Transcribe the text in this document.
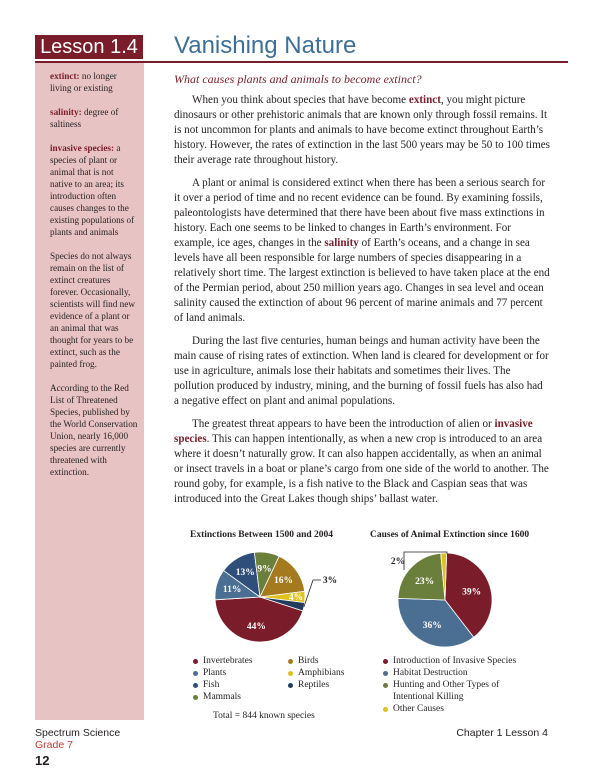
Lesson 1.4 Vanishing Nature

extinct: no longer living or existing

salinity: degree of saltiness

invasive species: a species of plant or animal that is not native to an area; its introduction often causes changes to the existing populations of plants and animals

Species do not always remain on the list of extinct creatures forever. Occasionally, scientists will find new evidence of a plant or an animal that was thought for years to be extinct, such as the painted frog.

According to the Red List of Threatened Species, published by the World Conservation Union, nearly 16,000 species are currently threatened with extinction.

What causes plants and animals to become extinct?

When you think about species that have become extinct, you might picture dinosaurs or other prehistoric animals that are known only through fossil remains. It is not uncommon for plants and animals to have become extinct throughout Earth’s history. However, the rates of extinction in the last 500 years may be 50 to 100 times their average rate throughout history.

A plant or animal is considered extinct when there has been a serious search for it over a period of time and no recent evidence can be found. By examining fossils, paleontologists have determined that there have been about five mass extinctions in history. Each one seems to be linked to changes in Earth’s environment. For example, ice ages, changes in the salinity of Earth’s oceans, and a change in sea levels have all been responsible for large numbers of species disappearing in a relatively short time. The largest extinction is believed to have taken place at the end of the Permian period, about 250 million years ago. Changes in sea level and ocean salinity caused the extinction of about 96 percent of marine animals and 77 percent of land animals.

During the last five centuries, human beings and human activity have been the main cause of rising rates of extinction. When land is cleared for development or for use in agriculture, animals lose their habitats and sometimes their lives. The pollution produced by industry, mining, and the burning of fossil fuels has also had a negative effect on plant and animal populations.

The greatest threat appears to have been the introduction of alien or invasive species. This can happen intentionally, as when a new crop is introduced to an area where it doesn’t naturally grow. It can also happen accidentally, as when an animal or insect travels in a boat or plane’s cargo from one side of the world to another. The round goby, for example, is a fish native to the Black and Caspian seas that was introduced into the Great Lakes though ships’ ballast water.

Extinctions Between 1500 and 2004
44%
11%
13% 9%
16%
4%
3%
Causes of Animal Extinction since 1600
39%
36%
23%
2%
Invertebrates
Plants
Fish
Mammals
Birds
Amphibians
Reptiles
Total = 844 known species
Introduction of Invasive Species
Habitat Destruction
Hunting and Other Types of Intentional Killing
Other Causes
Spectrum Science
Grade 7
12
Chapter 1 Lesson 4
